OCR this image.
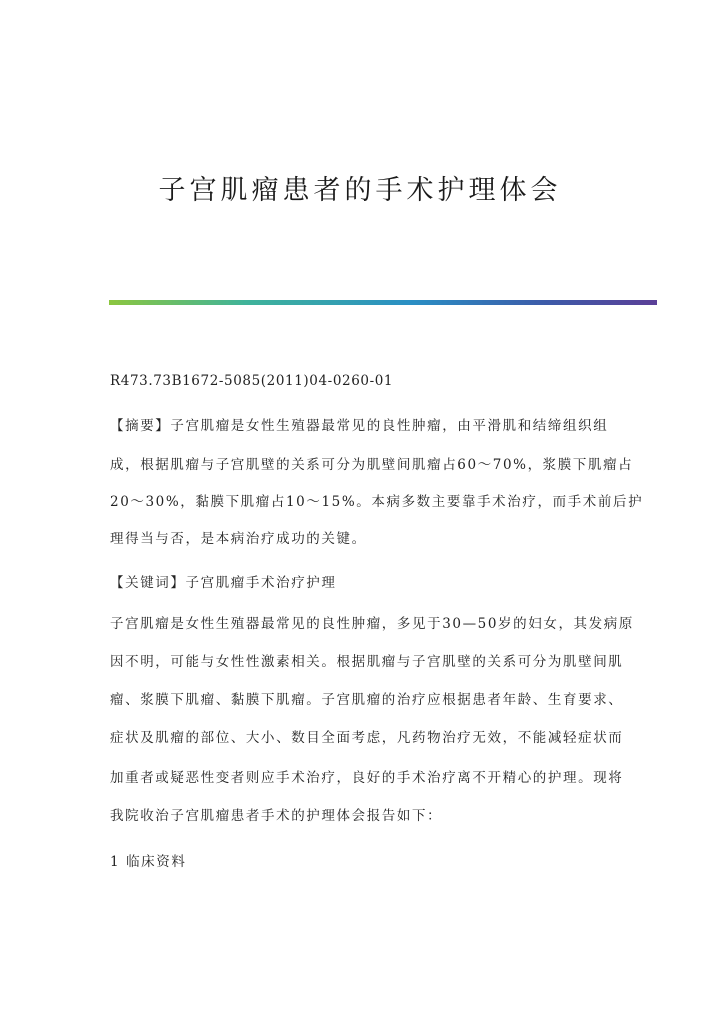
子宫肌瘤患者的手术护理体会
R473.73B1672-5085(2011)04-0260-01
【摘要】子宫肌瘤是女性生殖器最常见的良性肿瘤，由平滑肌和结缔组织组
成，根据肌瘤与子宫肌壁的关系可分为肌壁间肌瘤占60～70%，浆膜下肌瘤占
20～30%，黏膜下肌瘤占10～15%。本病多数主要靠手术治疗，而手术前后护
理得当与否，是本病治疗成功的关键。
【关键词】子宫肌瘤手术治疗护理
子宫肌瘤是女性生殖器最常见的良性肿瘤，多见于30—50岁的妇女，其发病原
因不明，可能与女性性激素相关。根据肌瘤与子宫肌壁的关系可分为肌壁间肌
瘤、浆膜下肌瘤、黏膜下肌瘤。子宫肌瘤的治疗应根据患者年龄、生育要求、
症状及肌瘤的部位、大小、数目全面考虑，凡药物治疗无效，不能减轻症状而
加重者或疑恶性变者则应手术治疗，良好的手术治疗离不开精心的护理。现将
我院收治子宫肌瘤患者手术的护理体会报告如下：
1 临床资料
